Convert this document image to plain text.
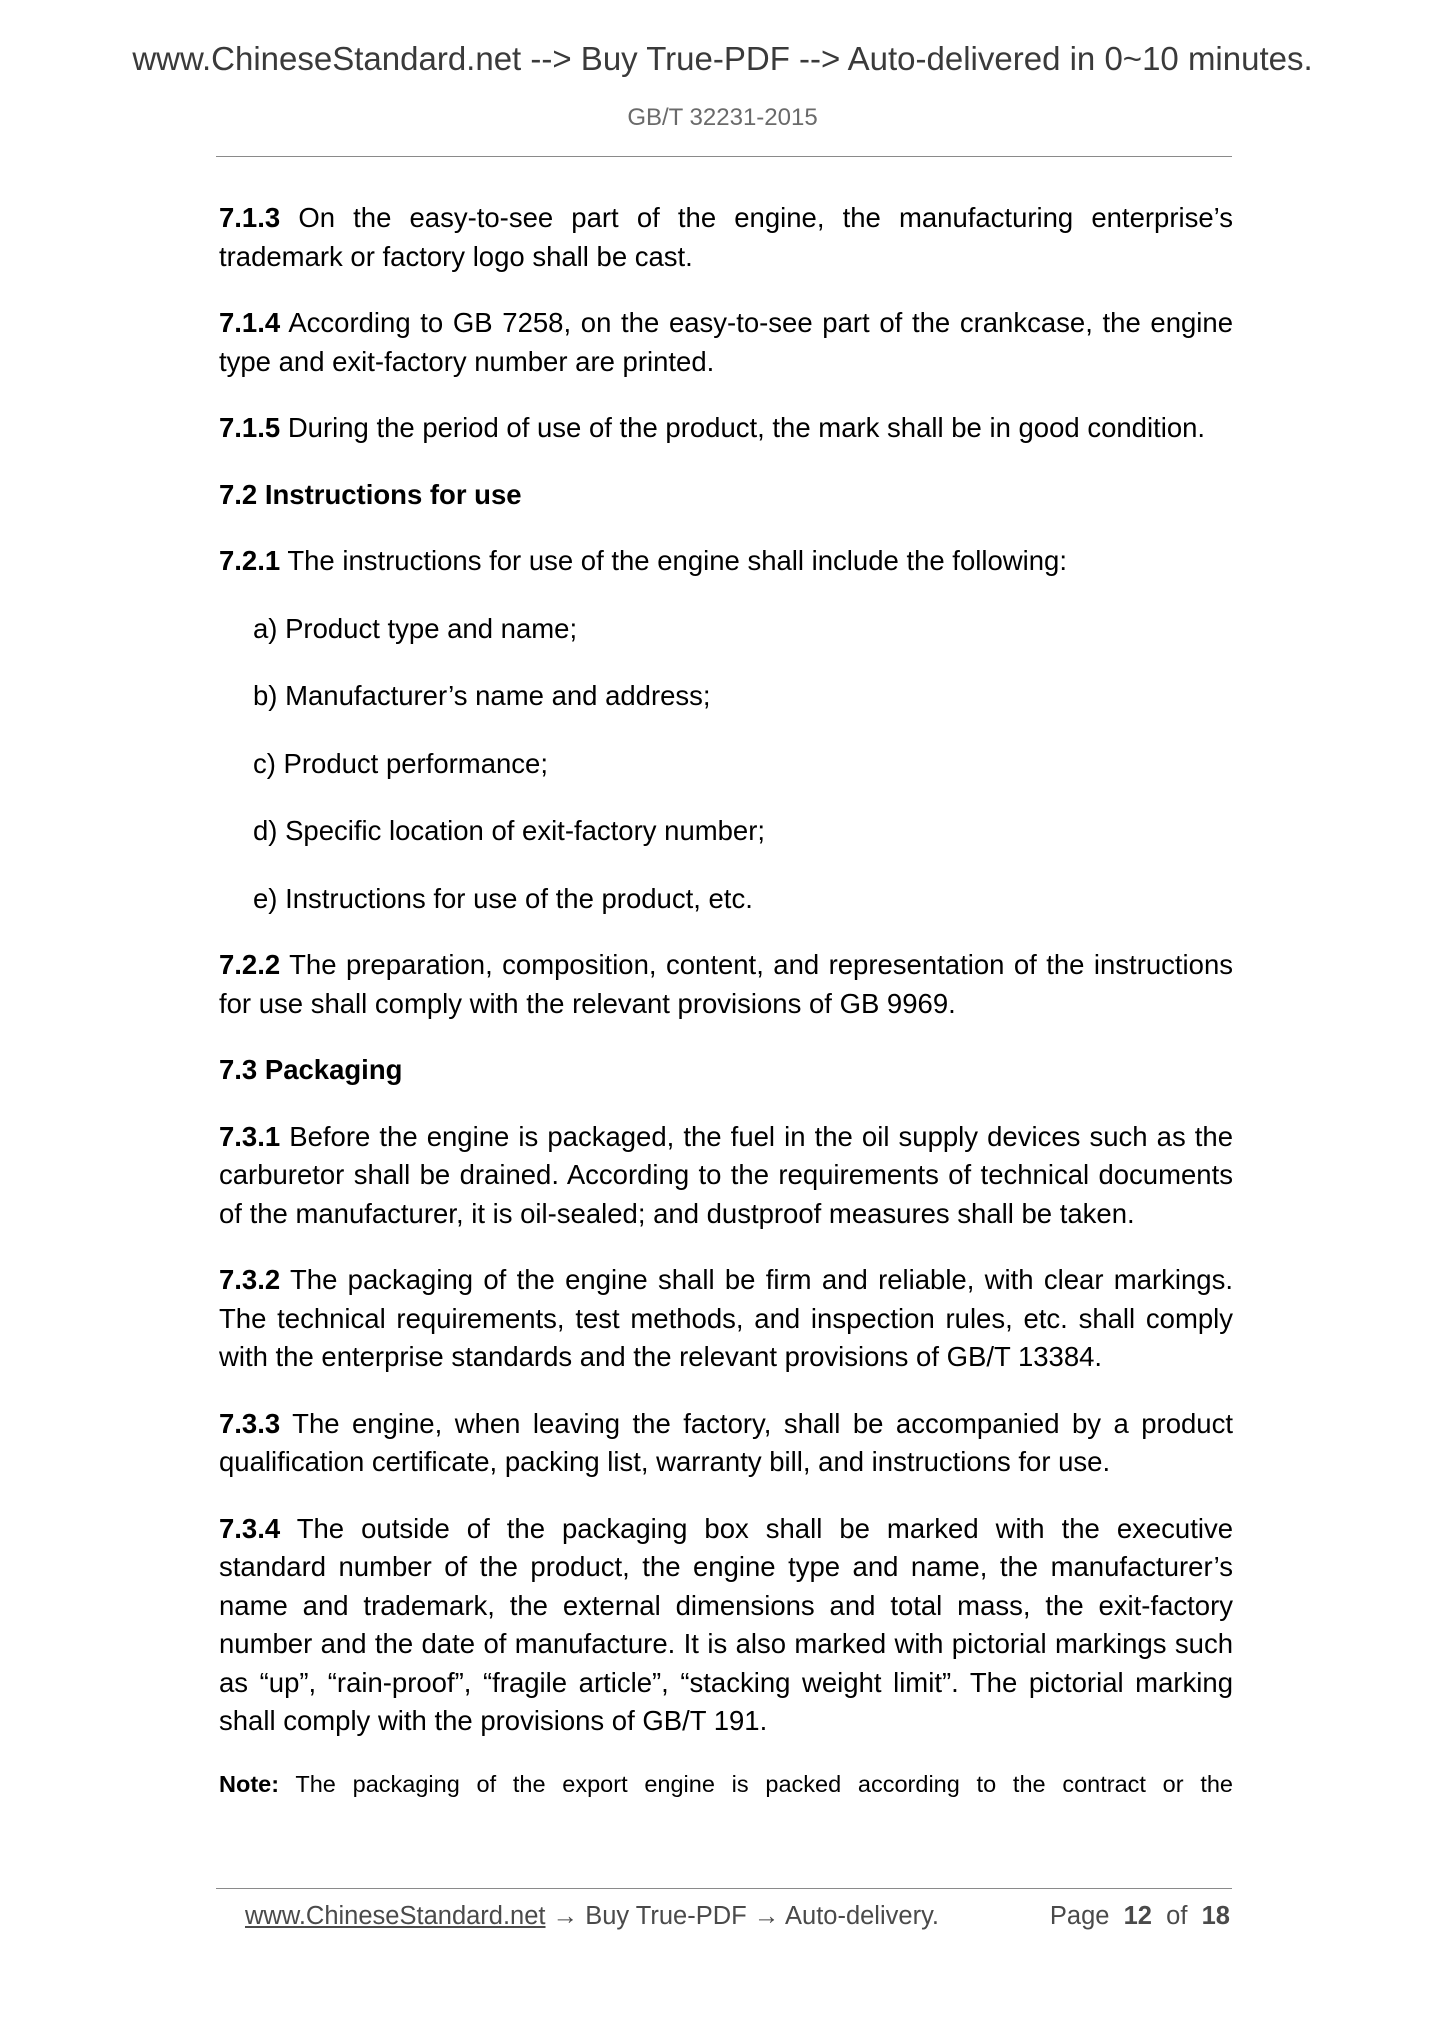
www.ChineseStandard.net --> Buy True-PDF --> Auto-delivered in 0~10 minutes.
GB/T 32231-2015

7.1.3 On the easy-to-see part of the engine, the manufacturing enterprise’s trademark or factory logo shall be cast.

7.1.4 According to GB 7258, on the easy-to-see part of the crankcase, the engine type and exit-factory number are printed.

7.1.5 During the period of use of the product, the mark shall be in good condition.

7.2 Instructions for use

7.2.1 The instructions for use of the engine shall include the following:

a) Product type and name;
b) Manufacturer’s name and address;
c) Product performance;
d) Specific location of exit-factory number;
e) Instructions for use of the product, etc.

7.2.2 The preparation, composition, content, and representation of the instructions for use shall comply with the relevant provisions of GB 9969.

7.3 Packaging

7.3.1 Before the engine is packaged, the fuel in the oil supply devices such as the carburetor shall be drained. According to the requirements of technical documents of the manufacturer, it is oil-sealed; and dustproof measures shall be taken.

7.3.2 The packaging of the engine shall be firm and reliable, with clear markings. The technical requirements, test methods, and inspection rules, etc. shall comply with the enterprise standards and the relevant provisions of GB/T 13384.

7.3.3 The engine, when leaving the factory, shall be accompanied by a product qualification certificate, packing list, warranty bill, and instructions for use.

7.3.4 The outside of the packaging box shall be marked with the executive standard number of the product, the engine type and name, the manufacturer’s name and trademark, the external dimensions and total mass, the exit-factory number and the date of manufacture. It is also marked with pictorial markings such as “up”, “rain-proof”, “fragile article”, “stacking weight limit”. The pictorial marking shall comply with the provisions of GB/T 191.

Note: The packaging of the export engine is packed according to the contract or the
www.ChineseStandard.net → Buy True-PDF → Auto-delivery.	Page 12 of 18
